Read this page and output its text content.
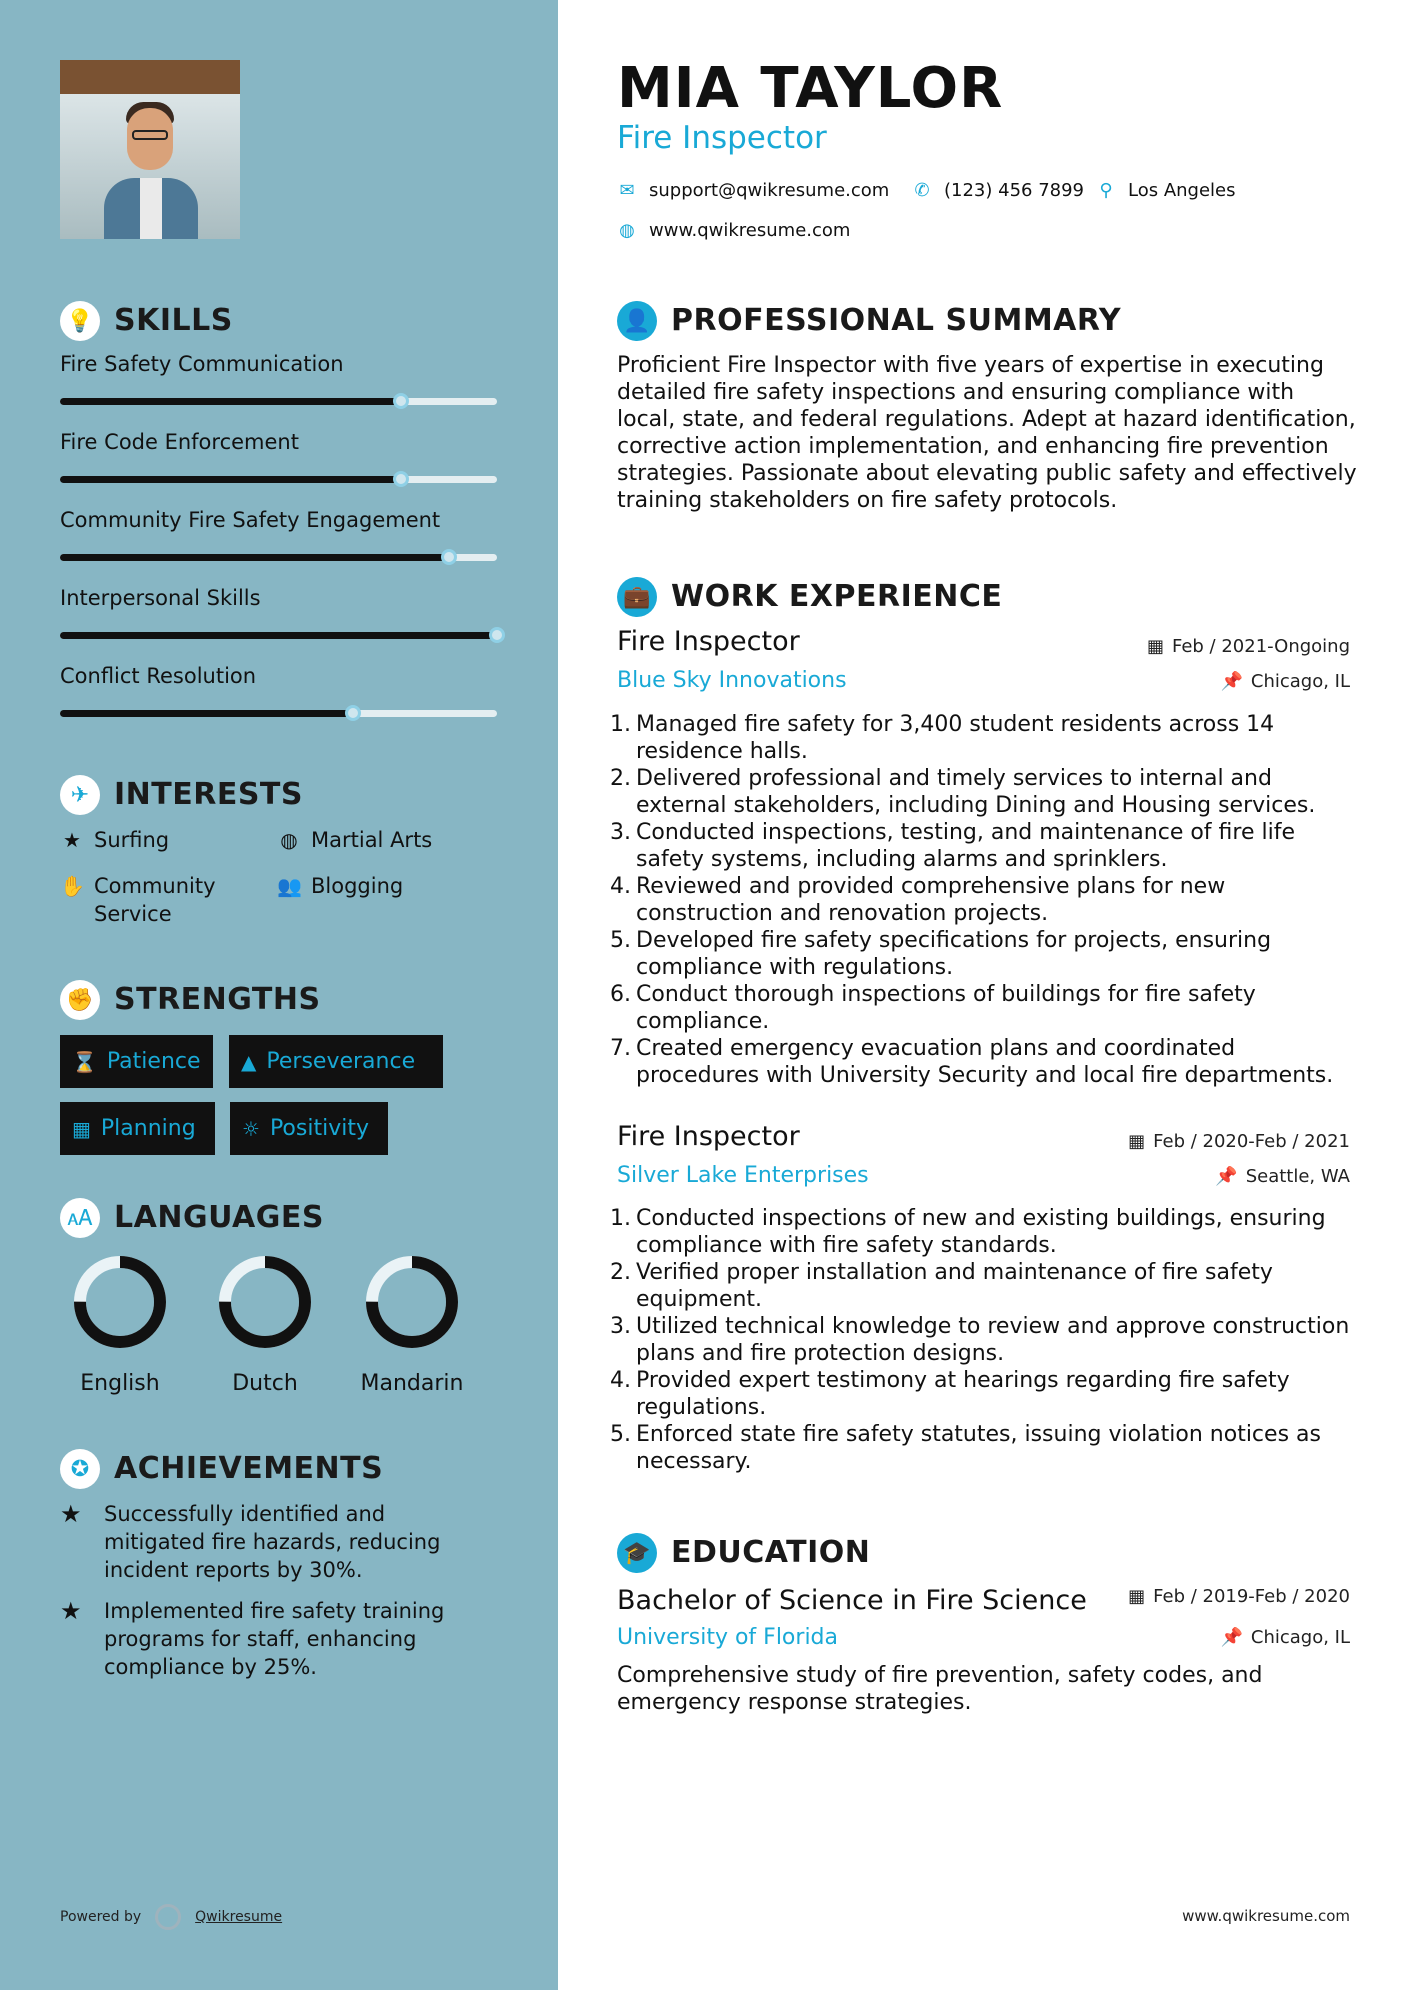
💡 SKILLS
Fire Safety Communication
Fire Code Enforcement
Community Fire Safety Engagement
Interpersonal Skills
Conflict Resolution
✈ INTERESTS
★ Surfing	◍ Martial Arts
✋ Community Service
👥 Blogging
✊ STRENGTHS
⌛ Patience ▲ Perseverance
▦ Planning ☼ Positivity
🗚 LANGUAGES
English	Dutch	Mandarin
✪ ACHIEVEMENTS
★	Successfully identified and mitigated fire hazards, reducing incident reports by 30%.
★	Implemented fire safety training programs for staff, enhancing compliance by 25%.
Powered by	Qwikresume
MIA TAYLOR
Fire Inspector
✉ support@qwikresume.com ✆ (123) 456 7899 ⚲ Los Angeles
◍ www.qwikresume.com
👤 PROFESSIONAL SUMMARY
Proficient Fire Inspector with five years of expertise in executing detailed fire safety inspections and ensuring compliance with local, state, and federal regulations. Adept at hazard identification, corrective action implementation, and enhancing fire prevention strategies. Passionate about elevating public safety and effectively training stakeholders on fire safety protocols.
💼 WORK EXPERIENCE
Fire Inspector	▦ Feb / 2021-Ongoing
Blue Sky Innovations	📌 Chicago, IL
1. Managed fire safety for 3,400 student residents across 14 residence halls.
2. Delivered professional and timely services to internal and external stakeholders, including Dining and Housing services.
3. Conducted inspections, testing, and maintenance of fire life safety systems, including alarms and sprinklers.
4. Reviewed and provided comprehensive plans for new construction and renovation projects.
5. Developed fire safety specifications for projects, ensuring compliance with regulations.
6. Conduct thorough inspections of buildings for fire safety compliance.
7. Created emergency evacuation plans and coordinated procedures with University Security and local fire departments.
Fire Inspector	▦ Feb / 2020-Feb / 2021
Silver Lake Enterprises	📌 Seattle, WA
1. Conducted inspections of new and existing buildings, ensuring compliance with fire safety standards.
2. Verified proper installation and maintenance of fire safety equipment.
3. Utilized technical knowledge to review and approve construction plans and fire protection designs.
4. Provided expert testimony at hearings regarding fire safety regulations.
5. Enforced state fire safety statutes, issuing violation notices as necessary.
🎓 EDUCATION
Bachelor of Science in Fire Science ▦ Feb / 2019-Feb / 2020
University of Florida	📌 Chicago, IL
Comprehensive study of fire prevention, safety codes, and emergency response strategies.
www.qwikresume.com
